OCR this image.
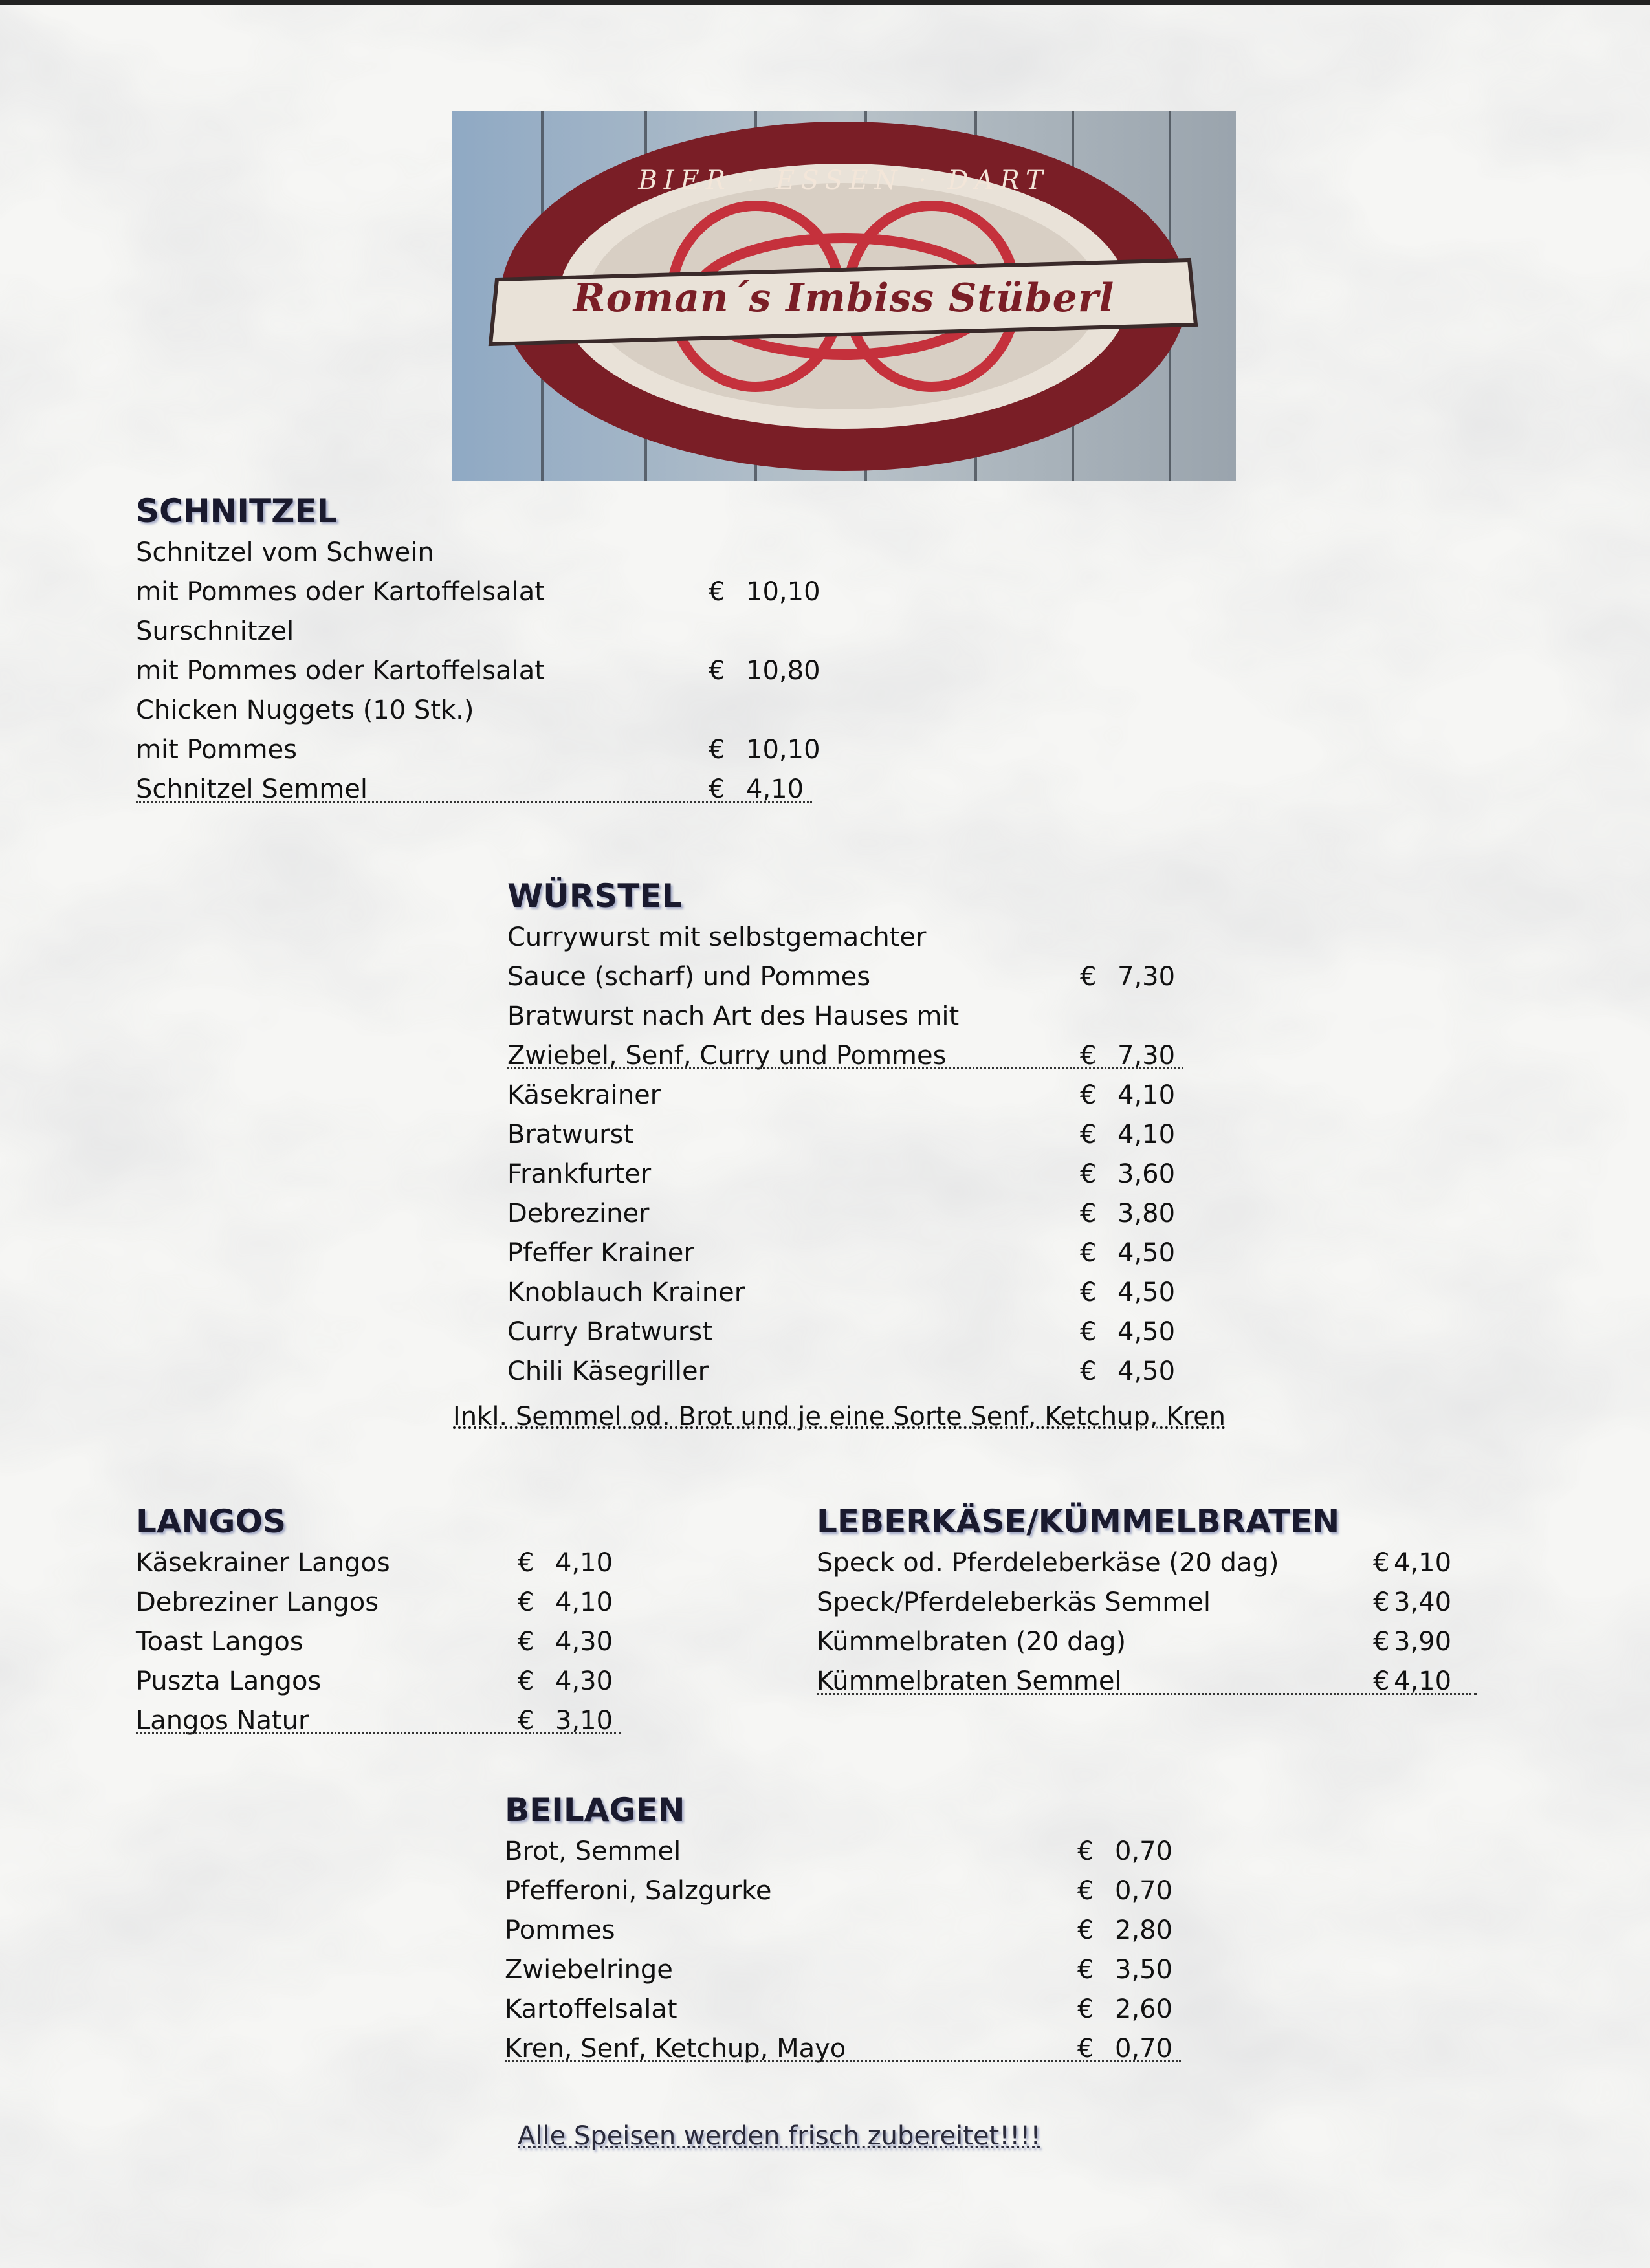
BIER · ESSEN · DART
Roman´s Imbiss Stüberl
SCHNITZEL
Schnitzel vom Schwein
mit Pommes oder Kartoffelsalat	€ 10,10
Surschnitzel
mit Pommes oder Kartoffelsalat	€ 10,80
Chicken Nuggets (10 Stk.)
mit Pommes	€ 10,10
Schnitzel Semmel	€ 4,10
WÜRSTEL
Currywurst mit selbstgemachter
Sauce (scharf) und Pommes	€ 7,30
Bratwurst nach Art des Hauses mit
Zwiebel, Senf, Curry und Pommes	€ 7,30
Käsekrainer	€ 4,10
Bratwurst	€ 4,10
Frankfurter	€ 3,60
Debreziner	€ 3,80
Pfeffer Krainer	€ 4,50
Knoblauch Krainer	€ 4,50
Curry Bratwurst	€ 4,50
Chili Käsegriller	€ 4,50
Inkl. Semmel od. Brot und je eine Sorte Senf, Ketchup, Kren
LANGOS
Käsekrainer Langos	€ 4,10
Debreziner Langos	€ 4,10
Toast Langos	€ 4,30
Puszta Langos	€ 4,30
Langos Natur	€ 3,10
LEBERKÄSE/KÜMMELBRATEN
Speck od. Pferdeleberkäse (20 dag)	€ 4,10
Speck/Pferdeleberkäs Semmel	€ 3,40
Kümmelbraten (20 dag)	€ 3,90
Kümmelbraten Semmel	€ 4,10
BEILAGEN
Brot, Semmel	€ 0,70
Pfefferoni, Salzgurke	€ 0,70
Pommes	€ 2,80
Zwiebelringe	€ 3,50
Kartoffelsalat	€ 2,60
Kren, Senf, Ketchup, Mayo	€ 0,70
Alle Speisen werden frisch zubereitet!!!!
